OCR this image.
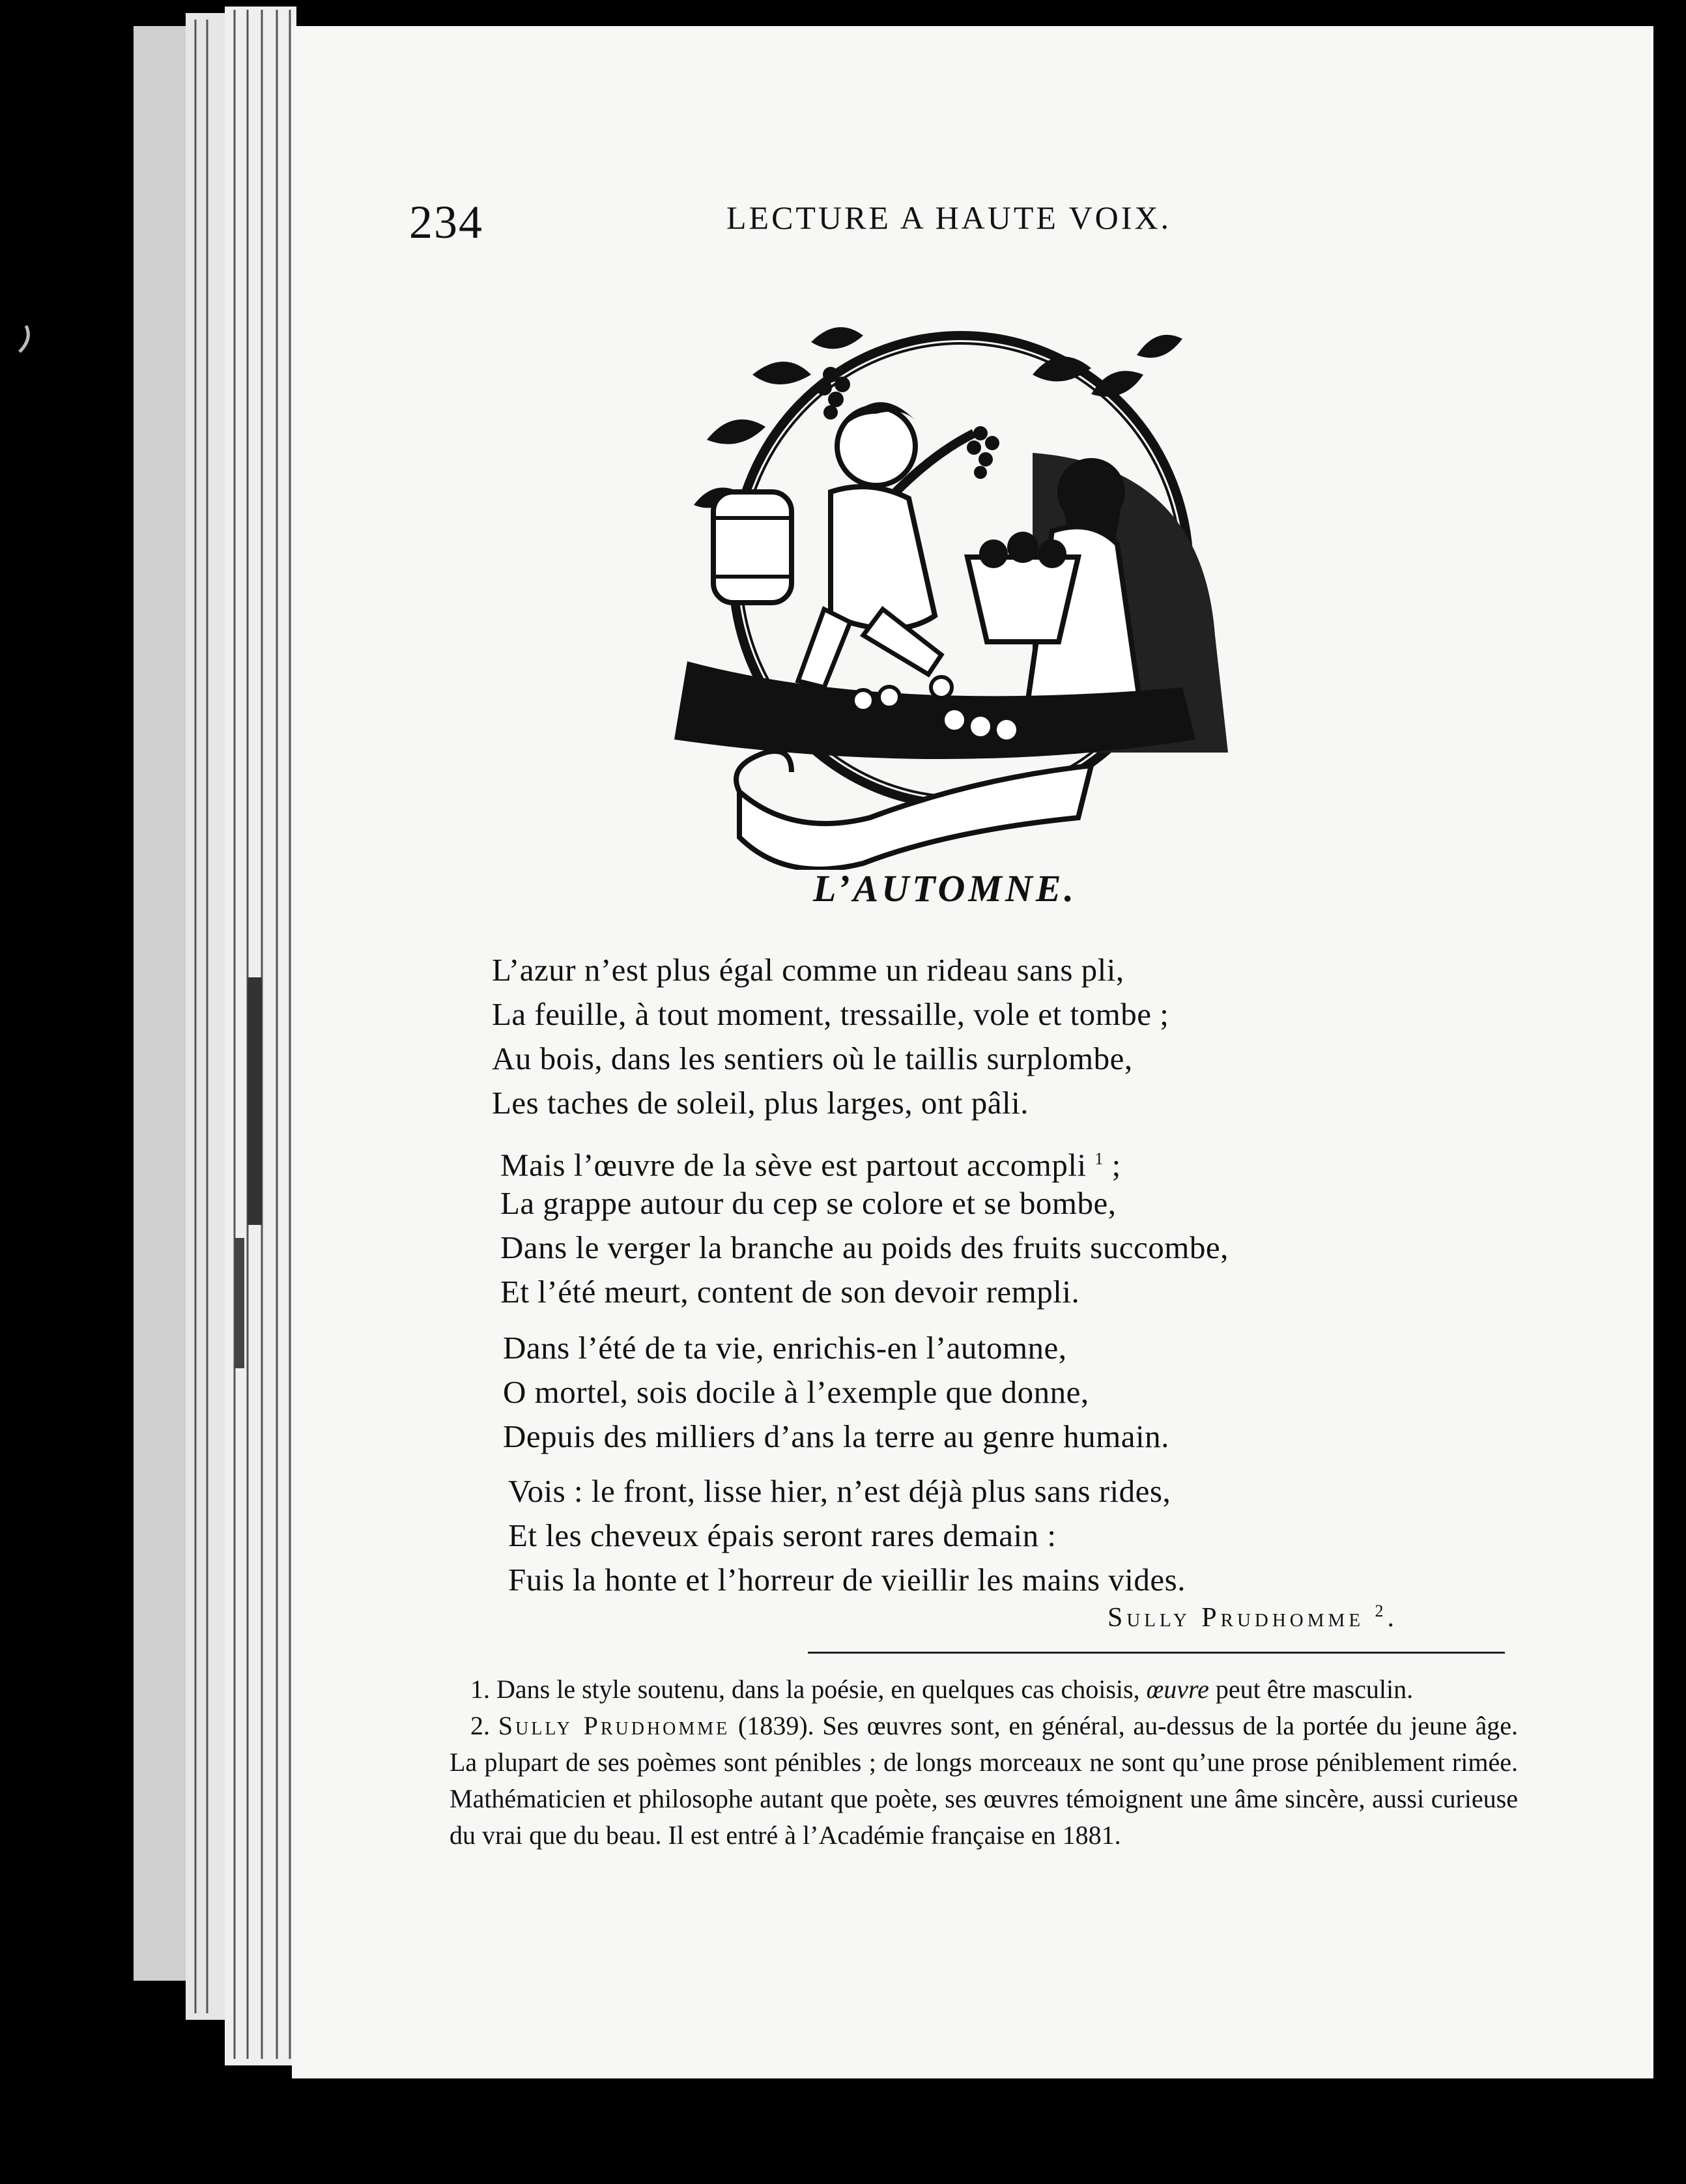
234	LECTURE A HAUTE VOIX.
L’AUTOMNE.
L’azur n’est plus égal comme un rideau sans pli,
La feuille, à tout moment, tressaille, vole et tombe ;
Au bois, dans les sentiers où le taillis surplombe,
Les taches de soleil, plus larges, ont pâli.
Mais l’œuvre de la sève est partout accompli $^1$ ;
La grappe autour du cep se colore et se bombe,
Dans le verger la branche au poids des fruits succombe,
Et l’été meurt, content de son devoir rempli.
Dans l’été de ta vie, enrichis-en l’automne,
O mortel, sois docile à l’exemple que donne,
Depuis des milliers d’ans la terre au genre humain.
Vois : le front, lisse hier, n’est déjà plus sans rides,
Et les cheveux épais seront rares demain :
Fuis la honte et l’horreur de vieillir les mains vides.
Sully Prudhomme $^2$.
1. Dans le style soutenu, dans la poésie, en quelques cas choisis, œuvre peut être masculin.
2. Sully Prudhomme (1839). Ses œuvres sont, en général, au-dessus de la portée du jeune âge. La plupart de ses poèmes sont pénibles ; de longs morceaux ne sont qu’une prose péniblement rimée. Mathématicien et philosophe autant que poète, ses œuvres témoignent une âme sincère, aussi curieuse du vrai que du beau. Il est entré à l’Académie française en 1881.
